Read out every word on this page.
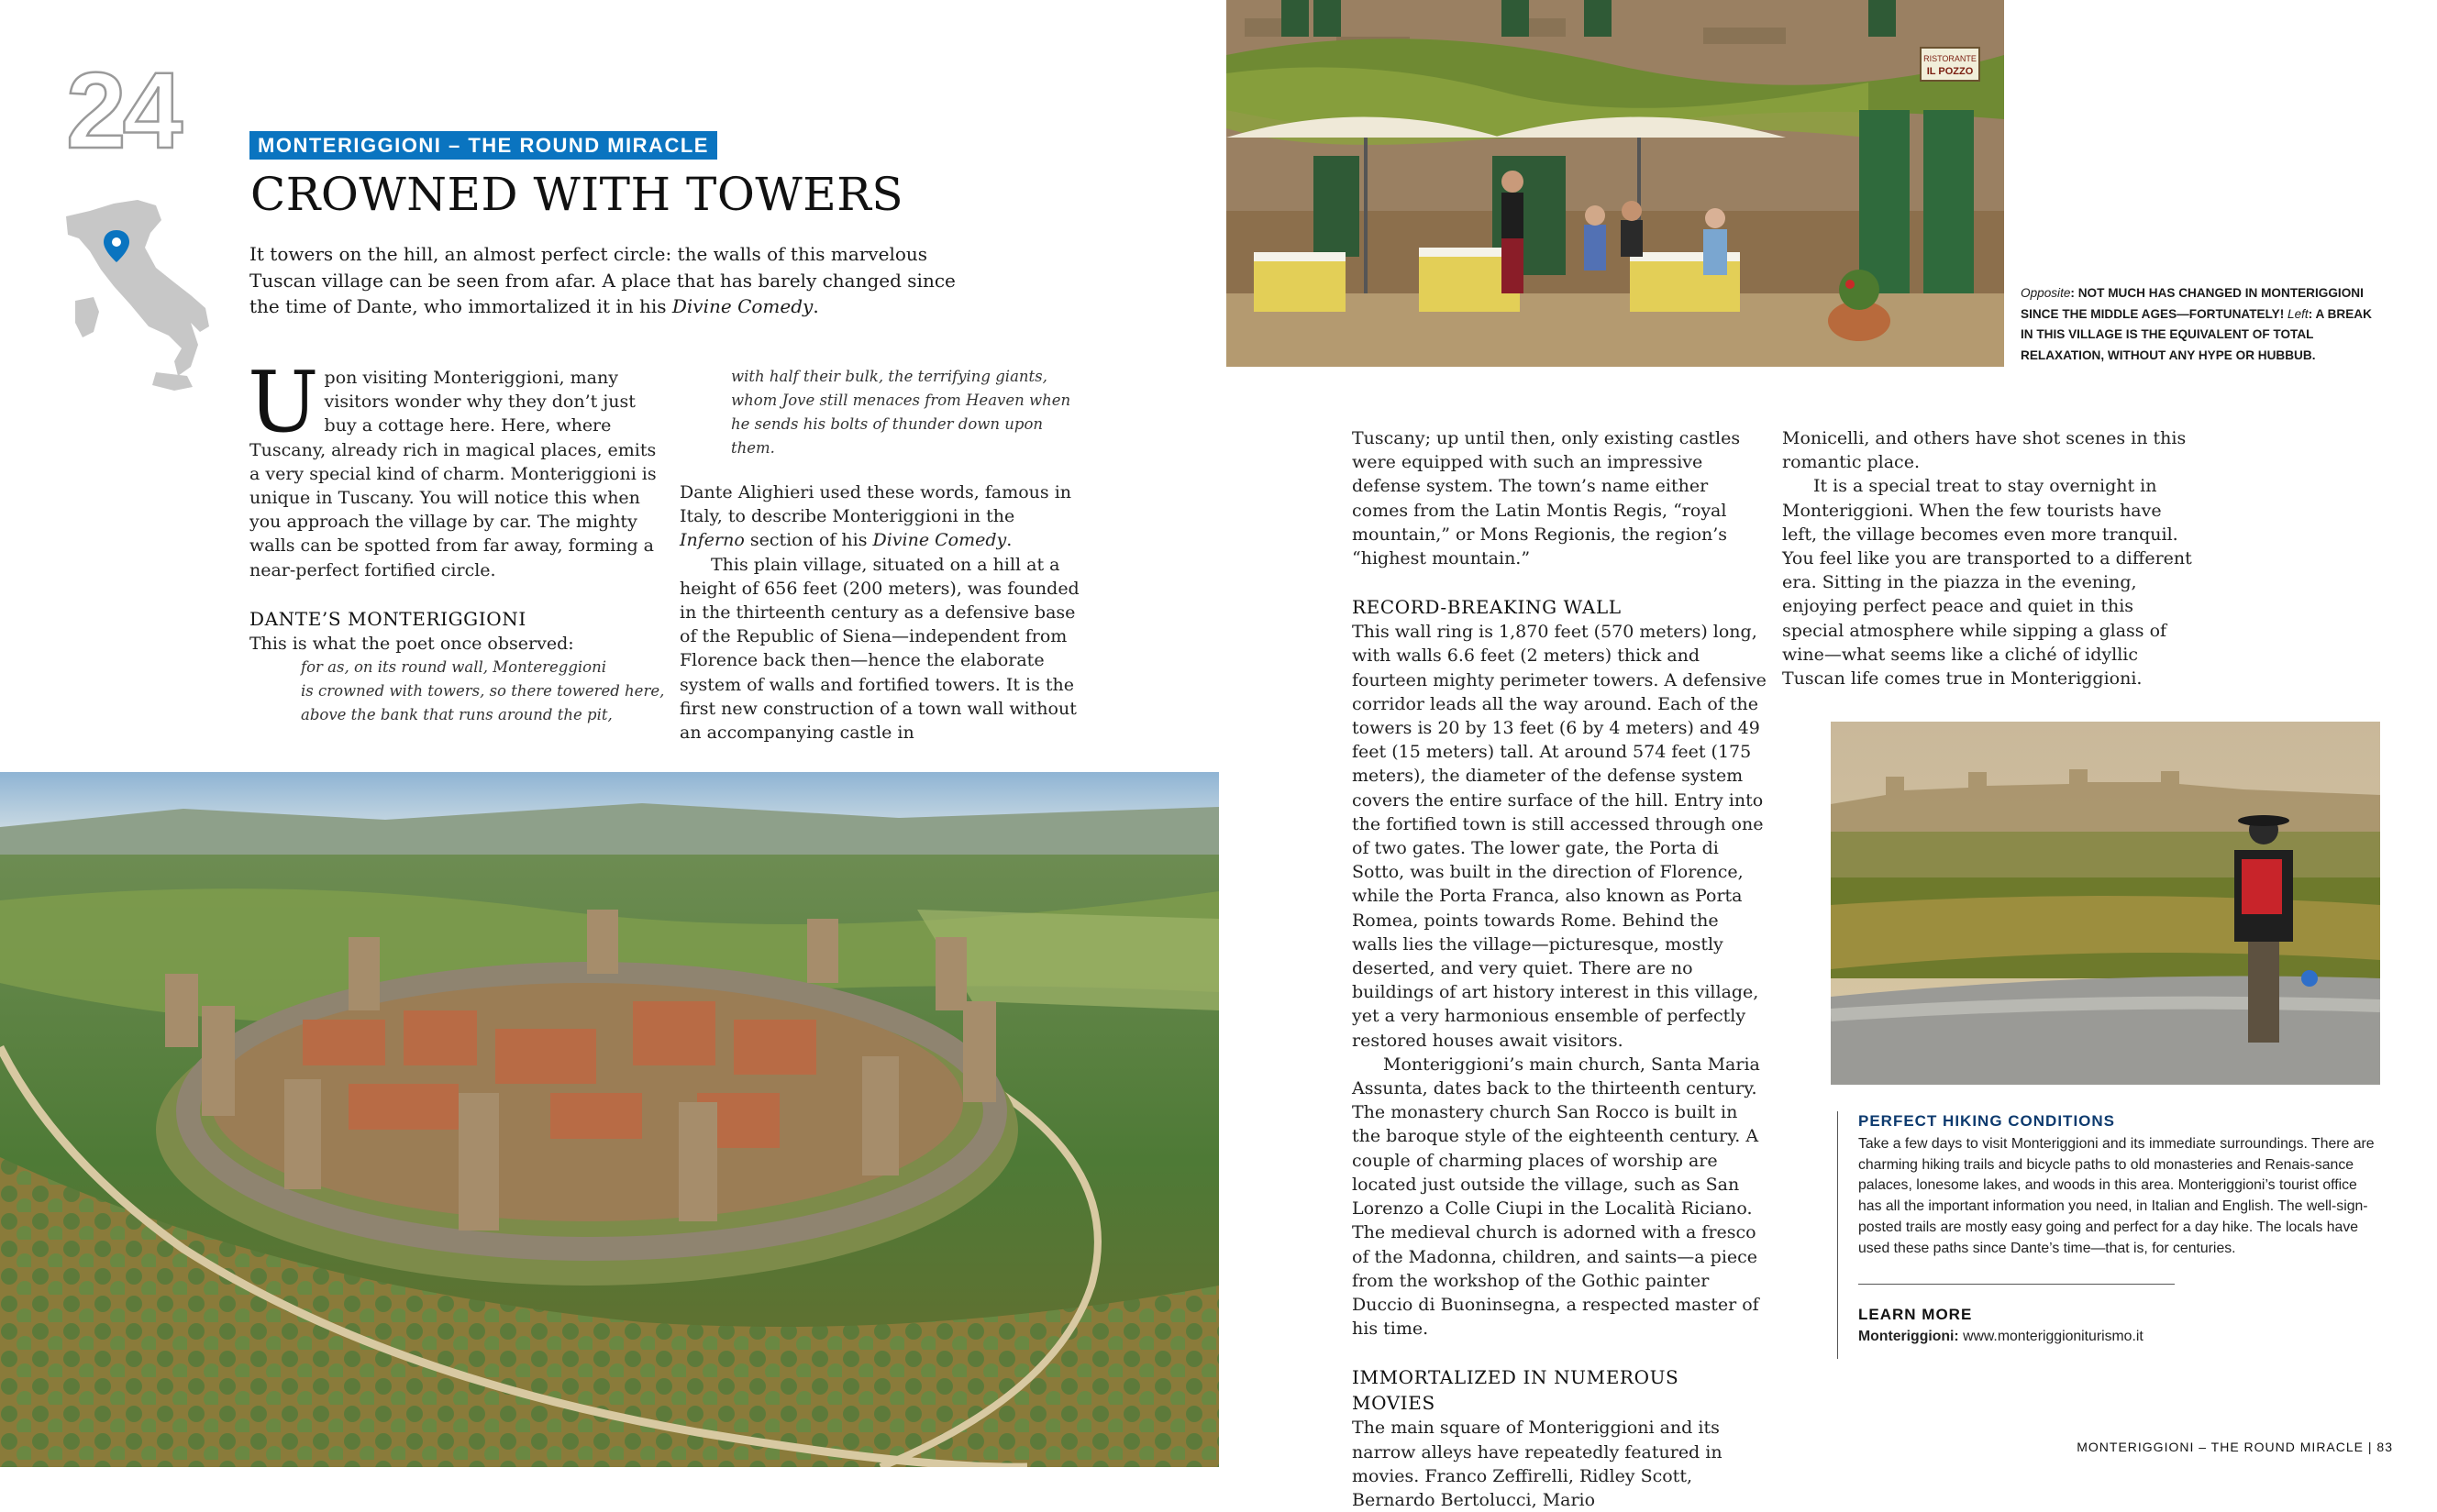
24	MONTERIGGIONI – THE ROUND MIRACLE
CROWNED WITH TOWERS
It towers on the hill, an almost perfect circle: the walls of this marvelous Tuscan village can be seen from afar. A place that has barely changed since the time of Dante, who immortalized it in his Divine Comedy.

Upon visiting Monteriggioni, many visitors wonder why they don’t just buy a cottage here. Here, where Tuscany, already rich in magical places, emits a very special kind of charm. Monteriggioni is unique in Tuscany. You will notice this when you approach the village by car. The mighty walls can be spotted from far away, forming a near-perfect fortified circle.

DANTE’S MONTERIGGIONI

This is what the poet once observed:

for as, on its round wall, Montereggioni
is crowned with towers, so there towered here,
above the bank that runs around the pit,
with half their bulk, the terrifying giants,
whom Jove still menaces from Heaven when
he sends his bolts of thunder down upon them.

Dante Alighieri used these words, famous in Italy, to describe Monteriggioni in the Inferno section of his Divine Comedy.

This plain village, situated on a hill at a height of 656 feet (200 meters), was founded in the thirteenth century as a defensive base of the Republic of Siena—independent from Florence back then—hence the elaborate system of walls and fortified towers. It is the first new construction of a town wall without an accompanying castle in

RISTORANTE
IL POZZO
Opposite: NOT MUCH HAS CHANGED IN MONTERIGGIONI SINCE THE MIDDLE AGES—FORTUNATELY! Left: A BREAK IN THIS VILLAGE IS THE EQUIVALENT OF TOTAL RELAXATION, WITHOUT ANY HYPE OR HUBBUB.

Tuscany; up until then, only existing castles were equipped with such an impressive defense system. The town’s name either comes from the Latin Montis Regis, “royal mountain,” or Mons Regionis, the region’s “highest mountain.”

RECORD-BREAKING WALL

This wall ring is 1,870 feet (570 meters) long, with walls 6.6 feet (2 meters) thick and fourteen mighty perimeter towers. A defensive corridor leads all the way around. Each of the towers is 20 by 13 feet (6 by 4 meters) and 49 feet (15 meters) tall. At around 574 feet (175 meters), the diameter of the defense system covers the entire surface of the hill. Entry into the fortified town is still accessed through one of two gates. The lower gate, the Porta di Sotto, was built in the direction of Florence, while the Porta Franca, also known as Porta Romea, points towards Rome. Behind the walls lies the village—picturesque, mostly deserted, and very quiet. There are no buildings of art history interest in this village, yet a very harmonious ensemble of perfectly restored houses await visitors.

Monteriggioni’s main church, Santa Maria Assunta, dates back to the thirteenth century. The monastery church San Rocco is built in the baroque style of the eighteenth century. A couple of charming places of worship are located just outside the village, such as San Lorenzo a Colle Ciupi in the Località Riciano. The medieval church is adorned with a fresco of the Madonna, children, and saints—a piece from the workshop of the Gothic painter Duccio di Buoninsegna, a respected master of his time.

IMMORTALIZED IN NUMEROUS MOVIES

The main square of Monteriggioni and its narrow alleys have repeatedly featured in movies. Franco Zeffirelli, Ridley Scott, Bernardo Bertolucci, Mario

Monicelli, and others have shot scenes in this romantic place.

It is a special treat to stay overnight in Monteriggioni. When the few tourists have left, the village becomes even more tranquil. You feel like you are transported to a different era. Sitting in the piazza in the evening, enjoying perfect peace and quiet in this special atmosphere while sipping a glass of wine—what seems like a cliché of idyllic Tuscan life comes true in Monteriggioni.

PERFECT HIKING CONDITIONS
Take a few days to visit Monteriggioni and its immediate surroundings. There are charming hiking trails and bicycle paths to old monasteries and Renais-sance palaces, lonesome lakes, and woods in this area. Monteriggioni’s tourist office has all the important information you need, in Italian and English. The well-sign-posted trails are mostly easy going and perfect for a day hike. The locals have used these paths since Dante’s time—that is, for centuries.
LEARN MORE
Monteriggioni: www.monteriggioniturismo.it
MONTERIGGIONI – THE ROUND MIRACLE | 83
